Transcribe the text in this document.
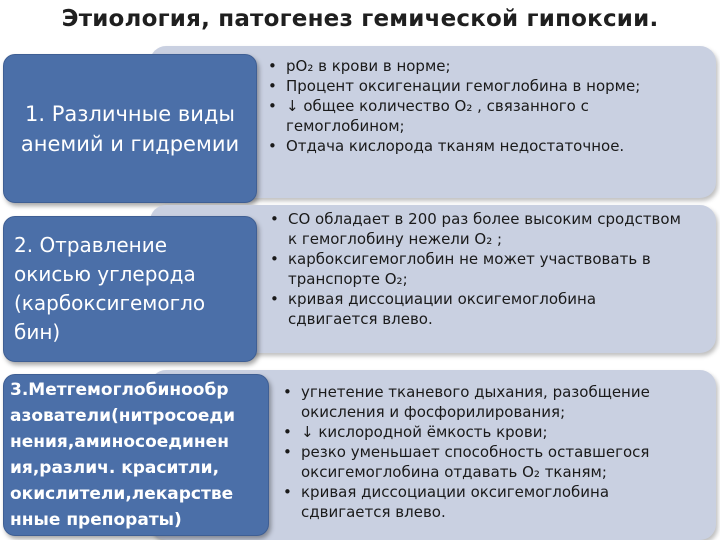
Этиология, патогенез гемической гипоксии.
1. Различные виды анемий и гидремии
• рO₂ в крови в норме;
• Процент оксигенации гемоглобина в норме;
• ↓ общее количество O₂ , связанного с гемоглобином;
• Отдача кислорода тканям недостаточное.
2. Отравление окисью углерода (карбоксигемогло бин)
• CO обладает в 200 раз более высоким сродством к гемоглобину нежели O₂ ;
• карбоксигемоглобин не может участвовать в транспорте O₂;
• кривая диссоциации оксигемоглобина сдвигается влево.
3.Метгемоглобинообр азователи(нитросоеди нения,аминосоединен ия,различ. краситли, окислители,лекарстве нные препораты)
• угнетение тканевого дыхания, разобщение окисления и фосфорилирования;
• ↓ кислородной ёмкость крови;
• резко уменьшает способность оставшегося оксигемоглобина отдавать O₂ тканям;
• кривая диссоциации оксигемоглобина сдвигается влево.
